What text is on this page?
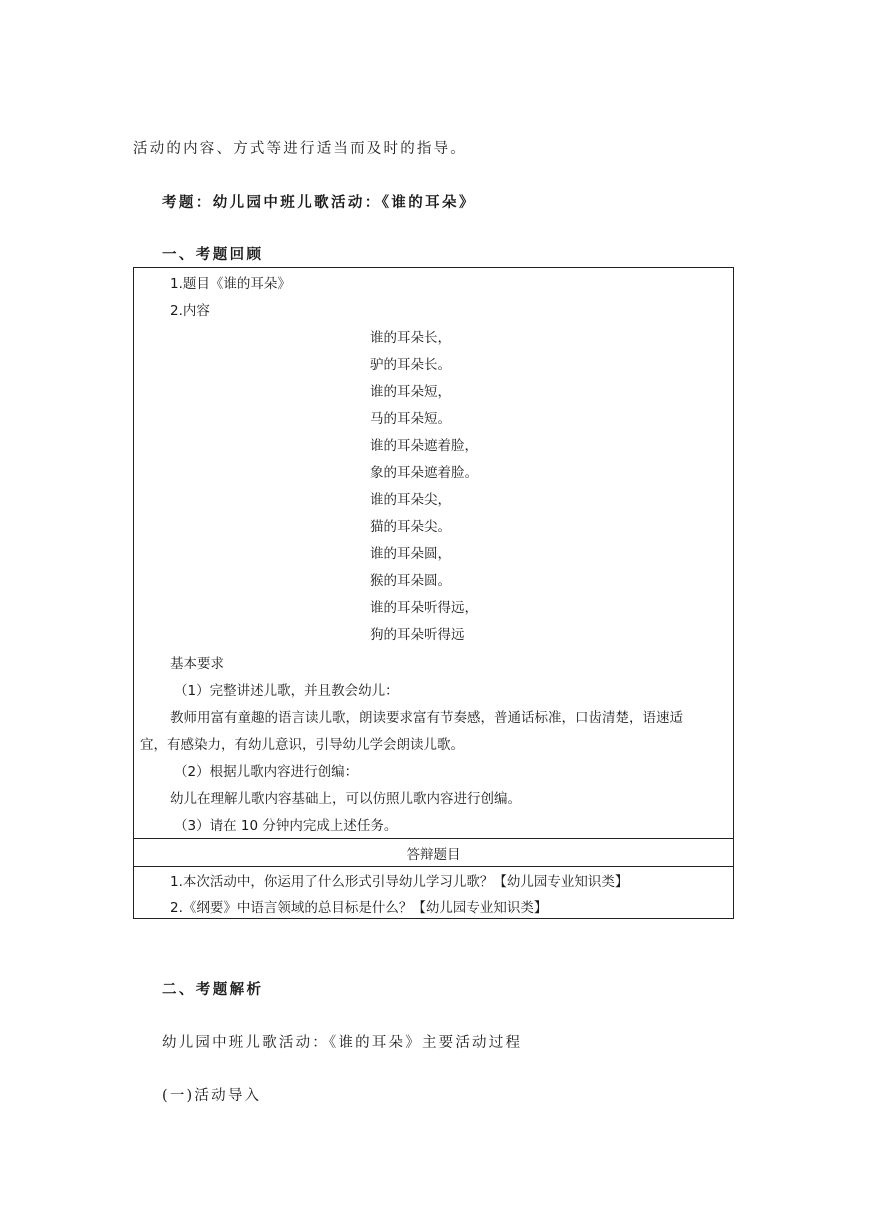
活动的内容、方式等进行适当而及时的指导。
考题：幼儿园中班儿歌活动：《谁的耳朵》
一、考题回顾
1.题目《谁的耳朵》
2.内容
谁的耳朵长，
驴的耳朵长。
谁的耳朵短，
马的耳朵短。
谁的耳朵遮着脸，
象的耳朵遮着脸。
谁的耳朵尖，
猫的耳朵尖。
谁的耳朵圆，
猴的耳朵圆。
谁的耳朵听得远，
狗的耳朵听得远
基本要求
（1）完整讲述儿歌，并且教会幼儿：
教师用富有童趣的语言读儿歌，朗读要求富有节奏感，普通话标准，口齿清楚，语速适
宜，有感染力，有幼儿意识，引导幼儿学会朗读儿歌。
（2）根据儿歌内容进行创编：
幼儿在理解儿歌内容基础上，可以仿照儿歌内容进行创编。
（3）请在 10 分钟内完成上述任务。
答辩题目
1.本次活动中，你运用了什么形式引导幼儿学习儿歌？【幼儿园专业知识类】
2.《纲要》中语言领域的总目标是什么？【幼儿园专业知识类】
二、考题解析
幼儿园中班儿歌活动：《谁的耳朵》主要活动过程
(一)活动导入
